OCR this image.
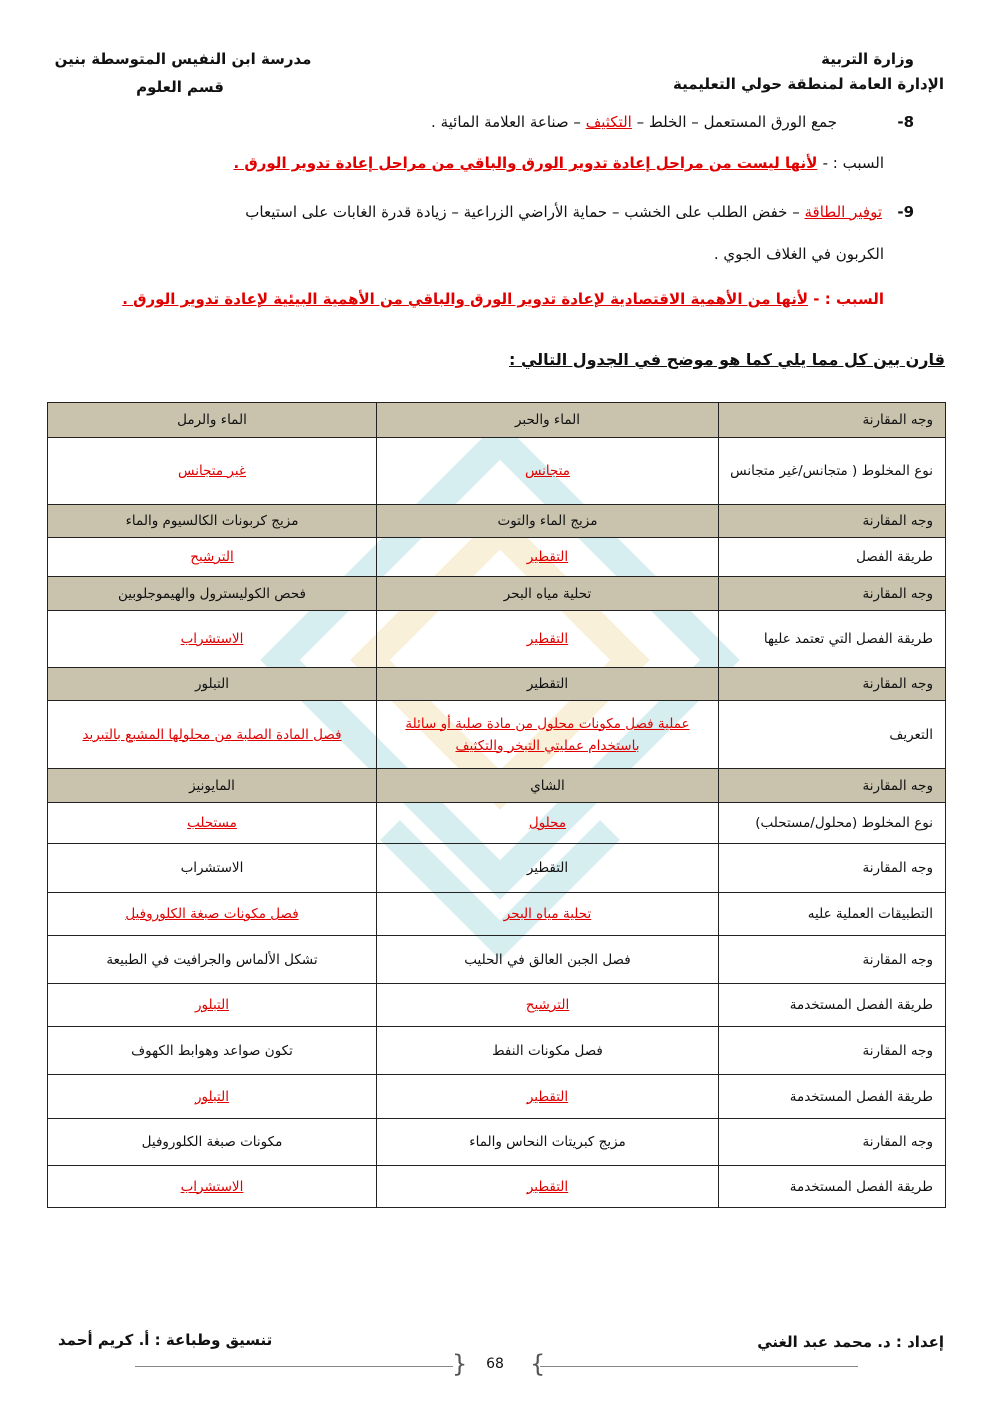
وزارة التربية
الإدارة العامة لمنطقة حولي التعليمية
مدرسة ابن النفيس المتوسطة بنين
قسم العلوم
8-
جمع الورق المستعمل – الخلط – التكثيف – صناعة العلامة المائية .
السبب : - لأنها ليست من مراحل إعادة تدوير الورق والباقي من مراحل إعادة تدوير الورق .
9-
توفير الطاقة – خفض الطلب على الخشب – حماية الأراضي الزراعية – زيادة قدرة الغابات على استيعاب
الكربون في الغلاف الجوي .
السبب : - لأنها من الأهمية الاقتصادية لإعادة تدوير الورق والباقي من الأهمية البيئية لإعادة تدوير الورق .
قارن بين كل مما يلي كما هو موضح في الجدول التالي :
وجه المقارنة	الماء والحبر	الماء والرمل
نوع المخلوط ( متجانس/غير متجانس	متجانس	غير متجانس
وجه المقارنة	مزيج الماء والتوت	مزيج كربونات الكالسيوم والماء
طريقة الفصل	التقطير	الترشيح
وجه المقارنة	تحلية مياه البحر	فحص الكوليسترول والهيموجلوبين
طريقة الفصل التي تعتمد عليها	التقطير	الاستشراب
وجه المقارنة	التقطير	التبلور
التعريف	عملية فصل مكونات محلول من مادة صلبة أو سائلة باستخدام عمليتي التبخر والتكثيف	فصل المادة الصلبة من محلولها المشبع بالتبريد
وجه المقارنة	الشاي	المايونيز
نوع المخلوط (محلول/مستحلب)	محلول	مستحلب
وجه المقارنة	التقطير	الاستشراب
التطبيقات العملية عليه	تحلية مياه البحر	فصل مكونات صبغة الكلوروفيل
وجه المقارنة	فصل الجبن العالق في الحليب	تشكل الألماس والجرافيت في الطبيعة
طريقة الفصل المستخدمة	الترشيح	التبلور
وجه المقارنة	فصل مكونات النفط	تكون صواعد وهوابط الكهوف
طريقة الفصل المستخدمة	التقطير	التبلور
وجه المقارنة	مزيج كبريتات النحاس والماء	مكونات صبغة الكلوروفيل
طريقة الفصل المستخدمة	التقطير	الاستشراب
إعداد : د. محمد عبد الغني
تنسيق وطباعة : أ. كريم أحمد
{	}
68
